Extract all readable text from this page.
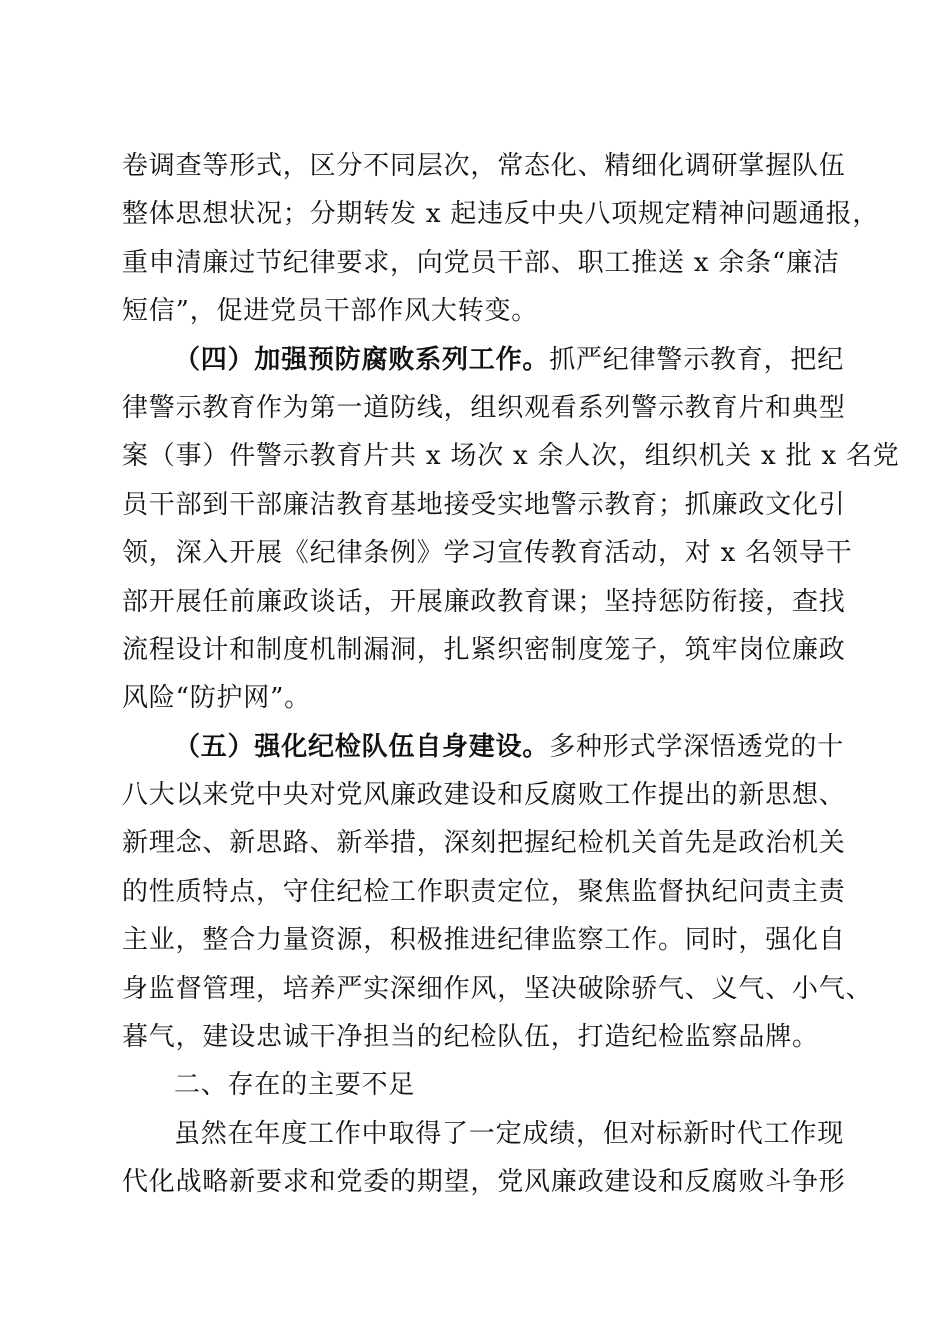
卷调查等形式，区分不同层次，常态化、精细化调研掌握队伍
整体思想状况；分期转发 x 起违反中央八项规定精神问题通报，
重申清廉过节纪律要求，向党员干部、职工推送 x 余条“廉洁
短信”，促进党员干部作风大转变。
（四）加强预防腐败系列工作。抓严纪律警示教育，把纪
律警示教育作为第一道防线，组织观看系列警示教育片和典型
案（事）件警示教育片共 x 场次 x 余人次，组织机关 x 批 x 名党
员干部到干部廉洁教育基地接受实地警示教育；抓廉政文化引
领，深入开展《纪律条例》学习宣传教育活动，对 x 名领导干
部开展任前廉政谈话，开展廉政教育课；坚持惩防衔接，查找
流程设计和制度机制漏洞，扎紧织密制度笼子，筑牢岗位廉政
风险“防护网”。
（五）强化纪检队伍自身建设。多种形式学深悟透党的十
八大以来党中央对党风廉政建设和反腐败工作提出的新思想、
新理念、新思路、新举措，深刻把握纪检机关首先是政治机关
的性质特点，守住纪检工作职责定位，聚焦监督执纪问责主责
主业，整合力量资源，积极推进纪律监察工作。同时，强化自
身监督管理，培养严实深细作风，坚决破除骄气、义气、小气、
暮气，建设忠诚干净担当的纪检队伍，打造纪检监察品牌。
二、存在的主要不足
虽然在年度工作中取得了一定成绩，但对标新时代工作现
代化战略新要求和党委的期望，党风廉政建设和反腐败斗争形
